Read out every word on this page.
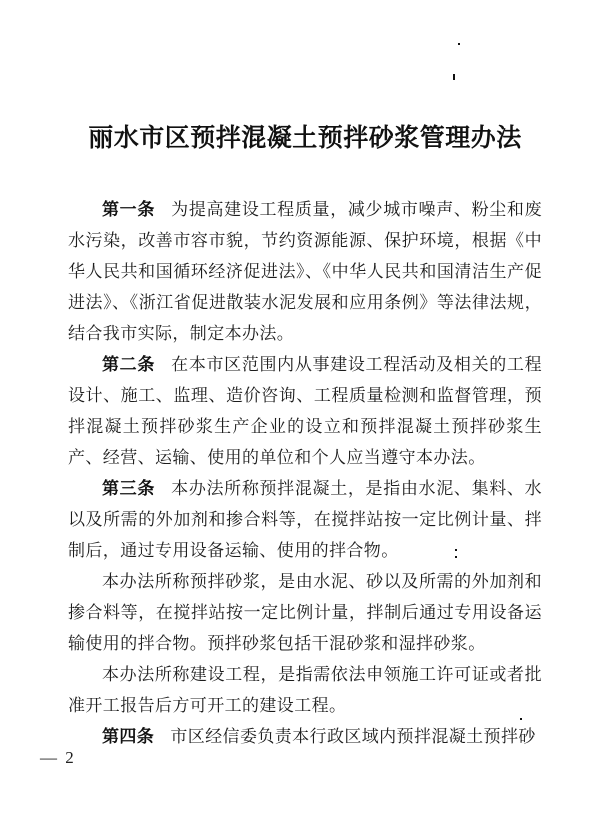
丽水市区预拌混凝土预拌砂浆管理办法

第一条 为提高建设工程质量，减少城市噪声、粉尘和废水污染，改善市容市貌，节约资源能源、保护环境，根据《中华人民共和国循环经济促进法》、《中华人民共和国清洁生产促进法》、《浙江省促进散装水泥发展和应用条例》等法律法规，结合我市实际，制定本办法。

第二条 在本市区范围内从事建设工程活动及相关的工程设计、施工、监理、造价咨询、工程质量检测和监督管理，预拌混凝土预拌砂浆生产企业的设立和预拌混凝土预拌砂浆生产、经营、运输、使用的单位和个人应当遵守本办法。

第三条 本办法所称预拌混凝土，是指由水泥、集料、水以及所需的外加剂和掺合料等，在搅拌站按一定比例计量、拌制后，通过专用设备运输、使用的拌合物。

本办法所称预拌砂浆，是由水泥、砂以及所需的外加剂和掺合料等，在搅拌站按一定比例计量，拌制后通过专用设备运输使用的拌合物。预拌砂浆包括干混砂浆和湿拌砂浆。

本办法所称建设工程，是指需依法申领施工许可证或者批准开工报告后方可开工的建设工程。

第四条 市区经信委负责本行政区域内预拌混凝土预拌砂

— 2
